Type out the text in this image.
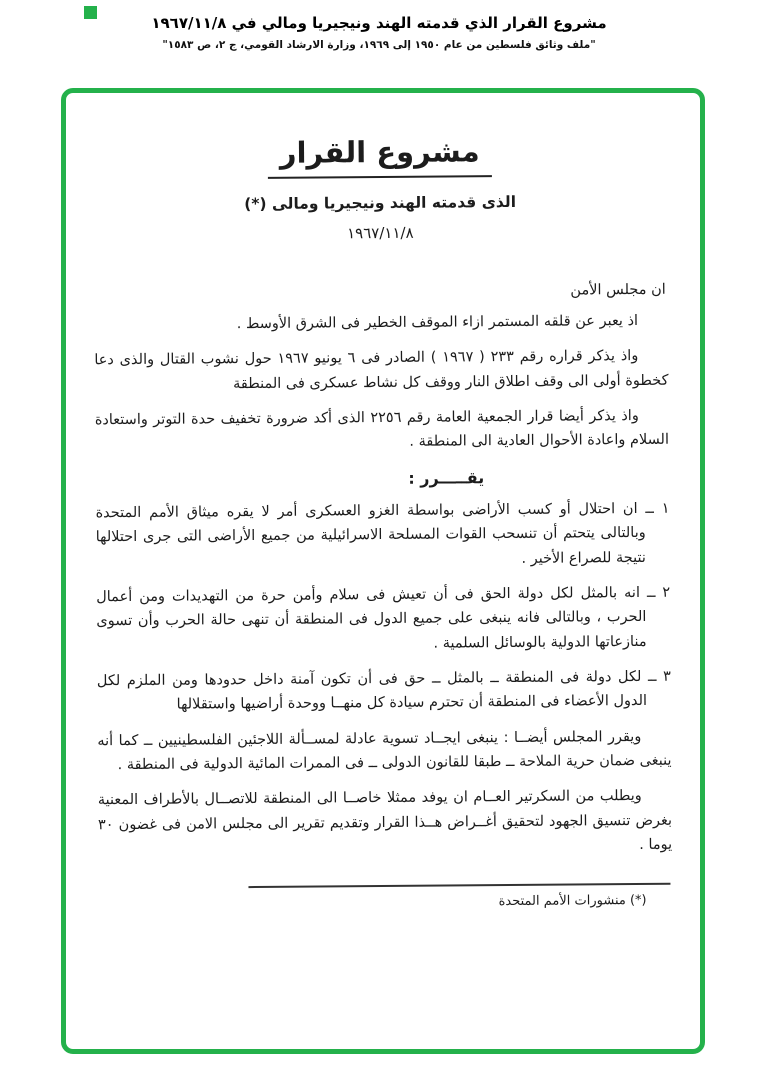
مشروع القرار الذي قدمته الهند ونيجيريا ومالي في ١٩٦٧/١١/٨
"ملف وثائق فلسطين من عام ١٩٥٠ إلى ١٩٦٩، وزارة الارشاد القومي، ج ٢، ص ١٥٨٣"
مشروع القرار
الذى قدمته الهند ونيجيريا ومالى (*)
١٩٦٧/١١/٨

ان مجلس الأمن

اذ يعبر عن قلقه المستمر ازاء الموقف الخطير فى الشرق الأوسط .

واذ يذكر قراره رقم ٢٣٣ ( ١٩٦٧ ) الصادر فى ٦ يونيو ١٩٦٧ حول نشوب القتال والذى دعا كخطوة أولى الى وقف اطلاق النار ووقف كل نشاط عسكرى فى المنطقة

واذ يذكر أيضا قرار الجمعية العامة رقم ٢٢٥٦ الذى أكد ضرورة تخفيف حدة التوتر واستعادة السلام واعادة الأحوال العادية الى المنطقة .

يقـــــرر :

١ ــ ان احتلال أو كسب الأراضى بواسطة الغزو العسكرى أمر لا يقره ميثاق الأمم المتحدة وبالتالى يتحتم أن تنسحب القوات المسلحة الاسرائيلية من جميع الأراضى التى جرى احتلالها نتيجة للصراع الأخير .

٢ ــ انه بالمثل لكل دولة الحق فى أن تعيش فى سلام وأمن حرة من التهديدات ومن أعمال الحرب ، وبالتالى فانه ينبغى على جميع الدول فى المنطقة أن تنهى حالة الحرب وأن تسوى منازعاتها الدولية بالوسائل السلمية .

٣ ــ لكل دولة فى المنطقة ــ بالمثل ــ حق فى أن تكون آمنة داخل حدودها ومن الملزم لكل الدول الأعضاء فى المنطقة أن تحترم سيادة كل منهــا ووحدة أراضيها واستقلالها

ويقرر المجلس أيضــا : ينبغى ايجــاد تسوية عادلة لمســألة اللاجئين الفلسطينيين ــ كما أنه ينبغى ضمان حرية الملاحة ــ طبقا للقانون الدولى ــ فى الممرات المائية الدولية فى المنطقة .

ويطلب من السكرتير العــام ان يوفد ممثلا خاصــا الى المنطقة للاتصــال بالأطراف المعنية بغرض تنسيق الجهود لتحقيق أغــراض هــذا القرار وتقديم تقرير الى مجلس الامن فى غضون ٣٠ يوما .

(*) منشورات الأمم المتحدة
